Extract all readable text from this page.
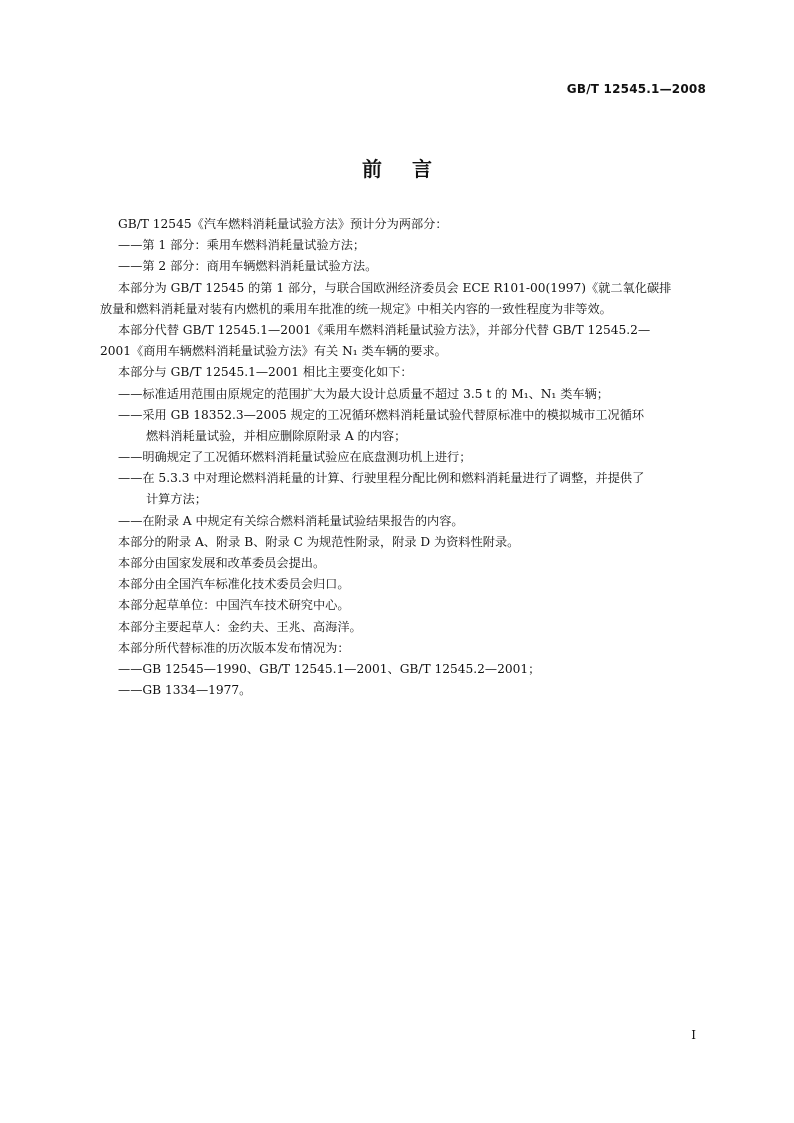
GB/T 12545.1—2008
前言
GB/T 12545《汽车燃料消耗量试验方法》预计分为两部分：
——第 1 部分：乘用车燃料消耗量试验方法；
——第 2 部分：商用车辆燃料消耗量试验方法。
本部分为 GB/T 12545 的第 1 部分，与联合国欧洲经济委员会 ECE R101-00(1997)《就二氧化碳排
放量和燃料消耗量对装有内燃机的乘用车批准的统一规定》中相关内容的一致性程度为非等效。
本部分代替 GB/T 12545.1—2001《乘用车燃料消耗量试验方法》，并部分代替 GB/T 12545.2—
2001《商用车辆燃料消耗量试验方法》有关 N₁ 类车辆的要求。
本部分与 GB/T 12545.1—2001 相比主要变化如下：
——标准适用范围由原规定的范围扩大为最大设计总质量不超过 3.5 t 的 M₁、N₁ 类车辆；
——采用 GB 18352.3—2005 规定的工况循环燃料消耗量试验代替原标准中的模拟城市工况循环
燃料消耗量试验，并相应删除原附录 A 的内容；
——明确规定了工况循环燃料消耗量试验应在底盘测功机上进行；
——在 5.3.3 中对理论燃料消耗量的计算、行驶里程分配比例和燃料消耗量进行了调整，并提供了
计算方法；
——在附录 A 中规定有关综合燃料消耗量试验结果报告的内容。
本部分的附录 A、附录 B、附录 C 为规范性附录，附录 D 为资料性附录。
本部分由国家发展和改革委员会提出。
本部分由全国汽车标准化技术委员会归口。
本部分起草单位：中国汽车技术研究中心。
本部分主要起草人：金约夫、王兆、高海洋。
本部分所代替标准的历次版本发布情况为：
——GB 12545—1990、GB/T 12545.1—2001、GB/T 12545.2—2001；
——GB 1334—1977。
I
